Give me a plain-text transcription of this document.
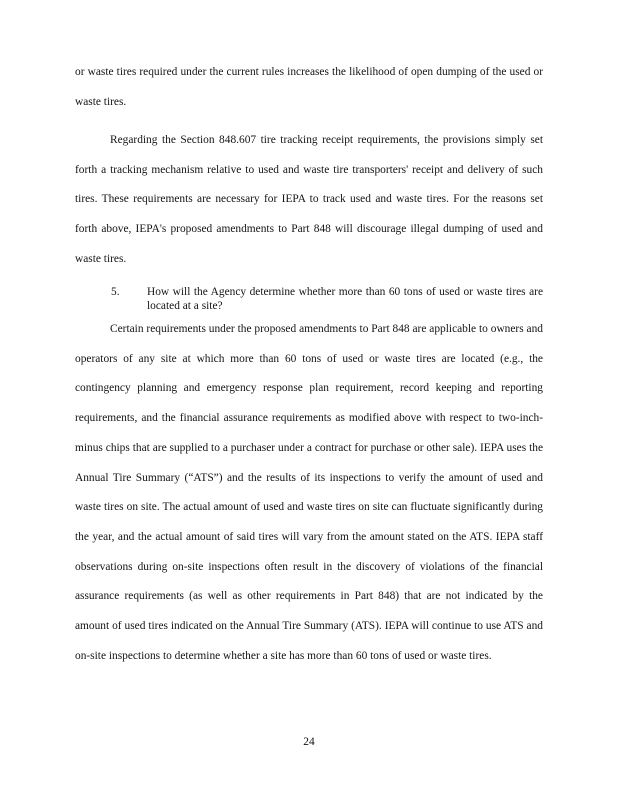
or waste tires required under the current rules increases the likelihood of open dumping of the used or waste tires.

Regarding the Section 848.607 tire tracking receipt requirements, the provisions simply set forth a tracking mechanism relative to used and waste tire transporters' receipt and delivery of such tires. These requirements are necessary for IEPA to track used and waste tires. For the reasons set forth above, IEPA's proposed amendments to Part 848 will discourage illegal dumping of used and waste tires.

5. How will the Agency determine whether more than 60 tons of used or waste tires are located at a site?

Certain requirements under the proposed amendments to Part 848 are applicable to owners and operators of any site at which more than 60 tons of used or waste tires are located (e.g., the contingency planning and emergency response plan requirement, record keeping and reporting requirements, and the financial assurance requirements as modified above with respect to two-inch-minus chips that are supplied to a purchaser under a contract for purchase or other sale). IEPA uses the Annual Tire Summary (“ATS”) and the results of its inspections to verify the amount of used and waste tires on site. The actual amount of used and waste tires on site can fluctuate significantly during the year, and the actual amount of said tires will vary from the amount stated on the ATS. IEPA staff observations during on-site inspections often result in the discovery of violations of the financial assurance requirements (as well as other requirements in Part 848) that are not indicated by the amount of used tires indicated on the Annual Tire Summary (ATS). IEPA will continue to use ATS and on-site inspections to determine whether a site has more than 60 tons of used or waste tires.

24
